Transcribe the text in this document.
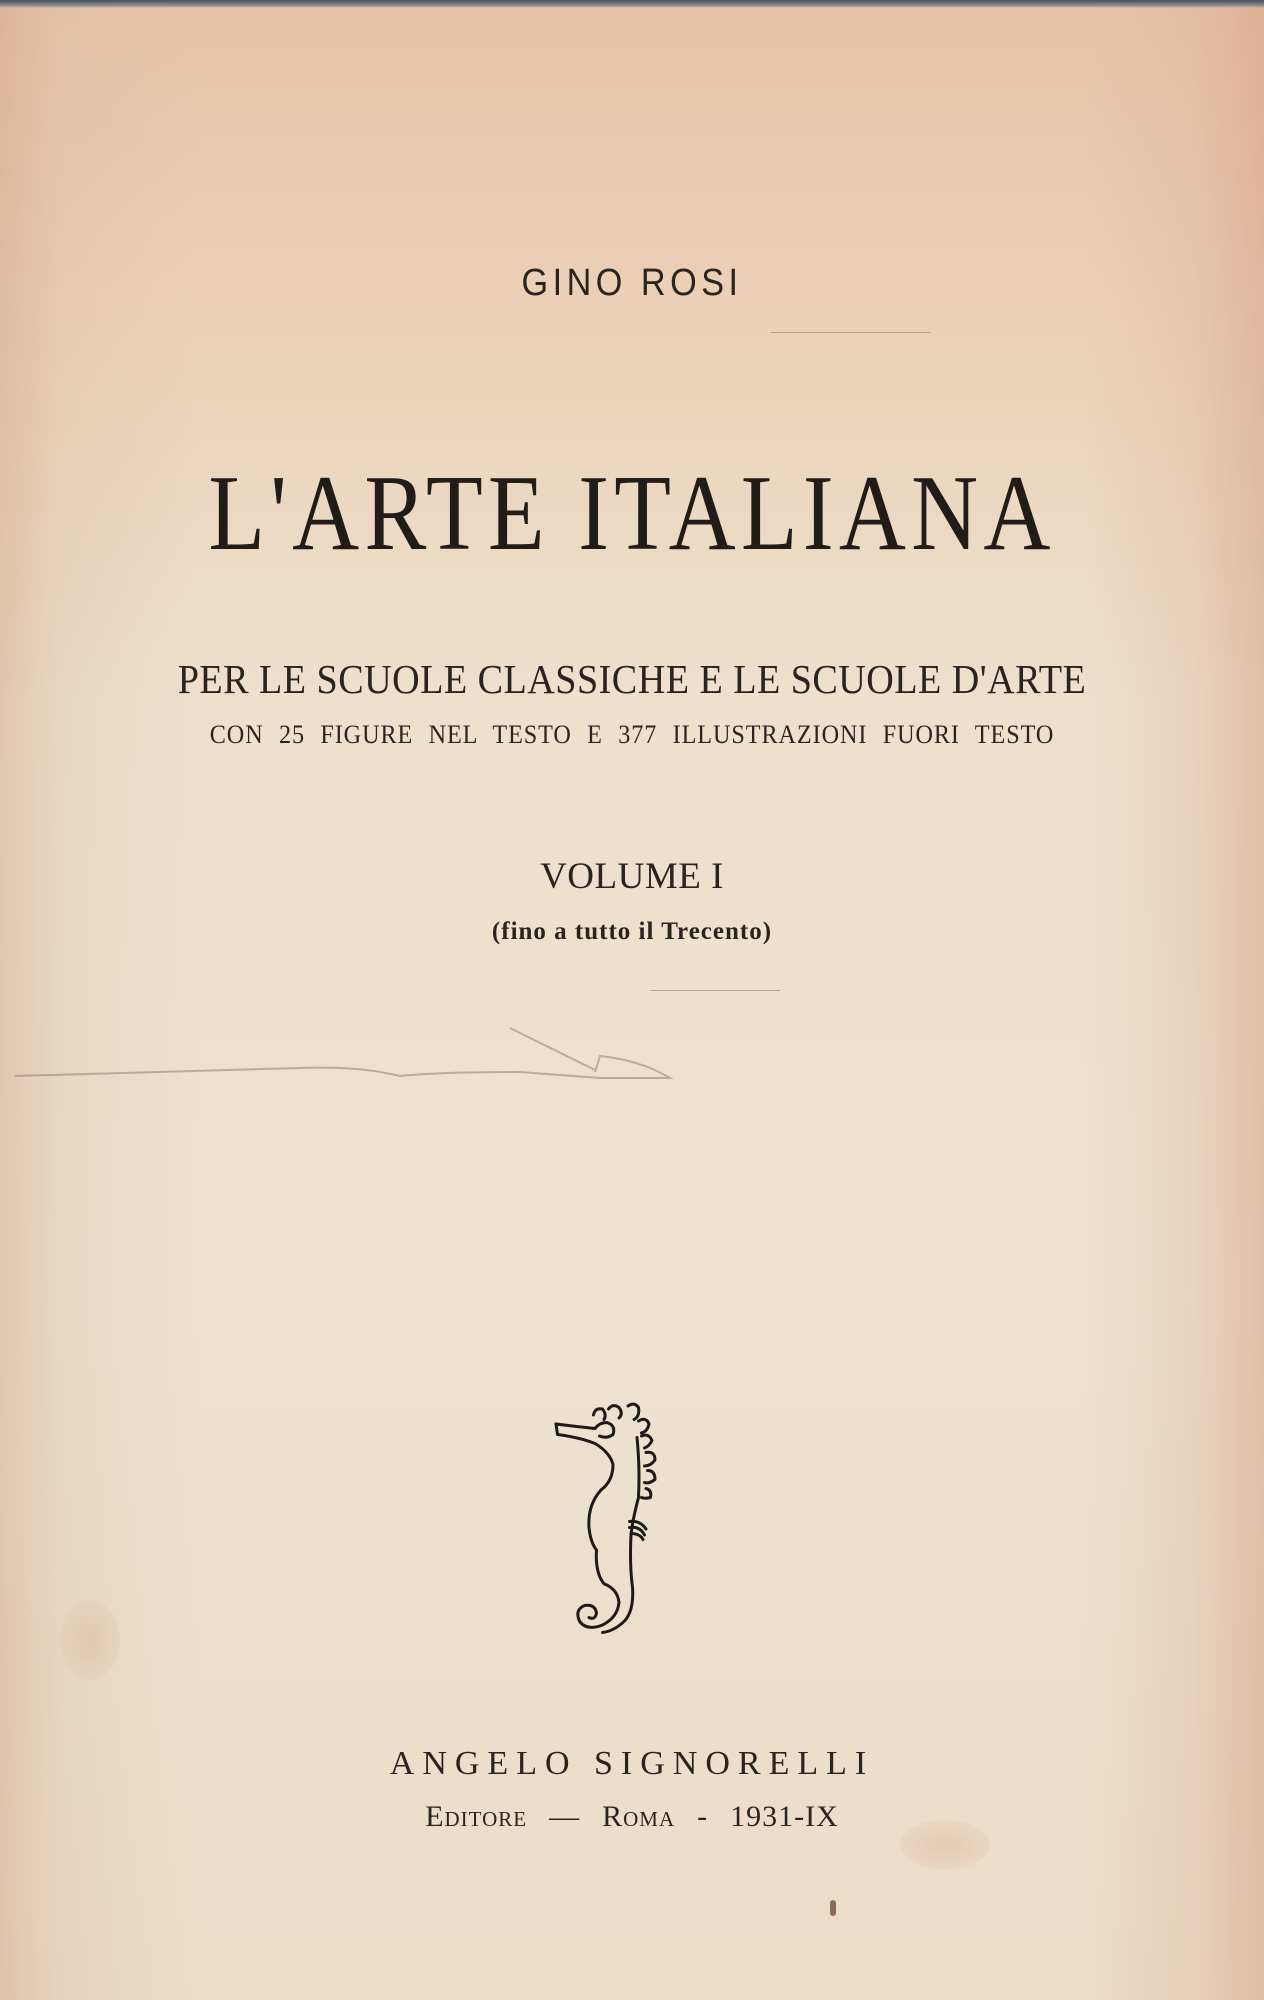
GINO ROSI
L'ARTE ITALIANA
PER LE SCUOLE CLASSICHE E LE SCUOLE D'ARTE
CON 25 FIGURE NEL TESTO E 377 ILLUSTRAZIONI FUORI TESTO
VOLUME I
(fino a tutto il Trecento)
ANGELO SIGNORELLI
Editore — Roma - 1931-IX
